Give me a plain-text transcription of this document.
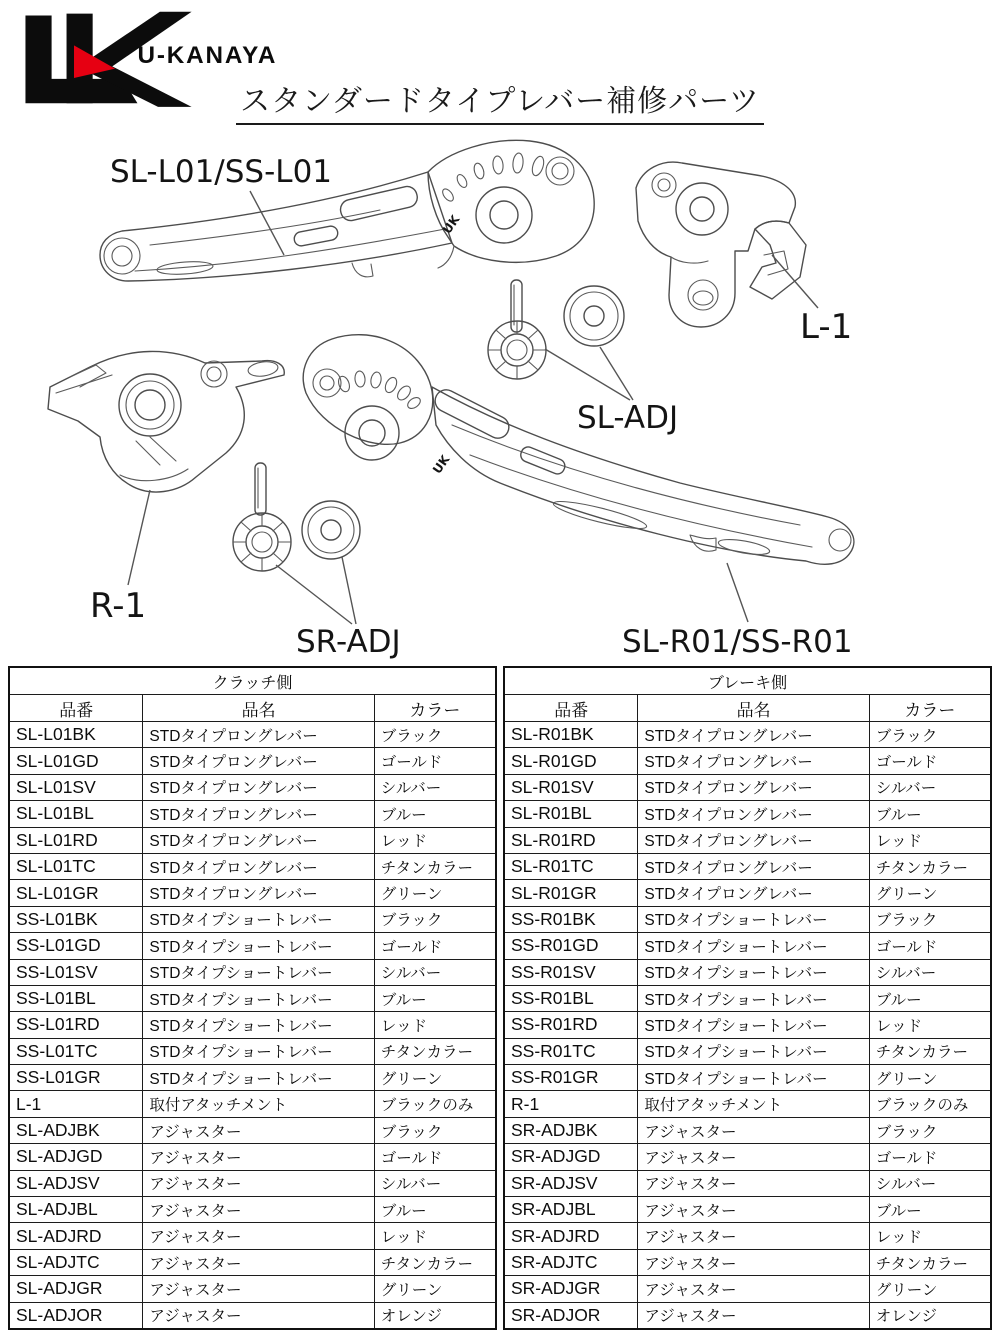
U-KANAYA
スタンダードタイプレバー補修パーツ
UK
UK
SL-L01/SS-L01
L-1
SL-ADJ
R-1
SR-ADJ	SL-R01/SS-R01
クラッチ側		
品番	品名	カラー
SL-L01BK	STDタイプロングレバー	ブラック
SL-L01GD	STDタイプロングレバー	ゴールド
SL-L01SV	STDタイプロングレバー	シルバー
SL-L01BL	STDタイプロングレバー	ブルー
SL-L01RD	STDタイプロングレバー	レッド
SL-L01TC	STDタイプロングレバー	チタンカラー
SL-L01GR	STDタイプロングレバー	グリーン
SS-L01BK	STDタイプショートレバー	ブラック
SS-L01GD	STDタイプショートレバー	ゴールド
SS-L01SV	STDタイプショートレバー	シルバー
SS-L01BL	STDタイプショートレバー	ブルー
SS-L01RD	STDタイプショートレバー	レッド
SS-L01TC	STDタイプショートレバー	チタンカラー
SS-L01GR	STDタイプショートレバー	グリーン
L-1	取付アタッチメント	ブラックのみ
SL-ADJBK	アジャスター	ブラック
SL-ADJGD	アジャスター	ゴールド
SL-ADJSV	アジャスター	シルバー
SL-ADJBL	アジャスター	ブルー
SL-ADJRD	アジャスター	レッド
SL-ADJTC	アジャスター	チタンカラー
SL-ADJGR	アジャスター	グリーン
SL-ADJOR	アジャスター	オレンジ
ブレーキ側		
品番	品名	カラー
SL-R01BK	STDタイプロングレバー	ブラック
SL-R01GD	STDタイプロングレバー	ゴールド
SL-R01SV	STDタイプロングレバー	シルバー
SL-R01BL	STDタイプロングレバー	ブルー
SL-R01RD	STDタイプロングレバー	レッド
SL-R01TC	STDタイプロングレバー	チタンカラー
SL-R01GR	STDタイプロングレバー	グリーン
SS-R01BK	STDタイプショートレバー	ブラック
SS-R01GD	STDタイプショートレバー	ゴールド
SS-R01SV	STDタイプショートレバー	シルバー
SS-R01BL	STDタイプショートレバー	ブルー
SS-R01RD	STDタイプショートレバー	レッド
SS-R01TC	STDタイプショートレバー	チタンカラー
SS-R01GR	STDタイプショートレバー	グリーン
R-1	取付アタッチメント	ブラックのみ
SR-ADJBK	アジャスター	ブラック
SR-ADJGD	アジャスター	ゴールド
SR-ADJSV	アジャスター	シルバー
SR-ADJBL	アジャスター	ブルー
SR-ADJRD	アジャスター	レッド
SR-ADJTC	アジャスター	チタンカラー
SR-ADJGR	アジャスター	グリーン
SR-ADJOR	アジャスター	オレンジ
